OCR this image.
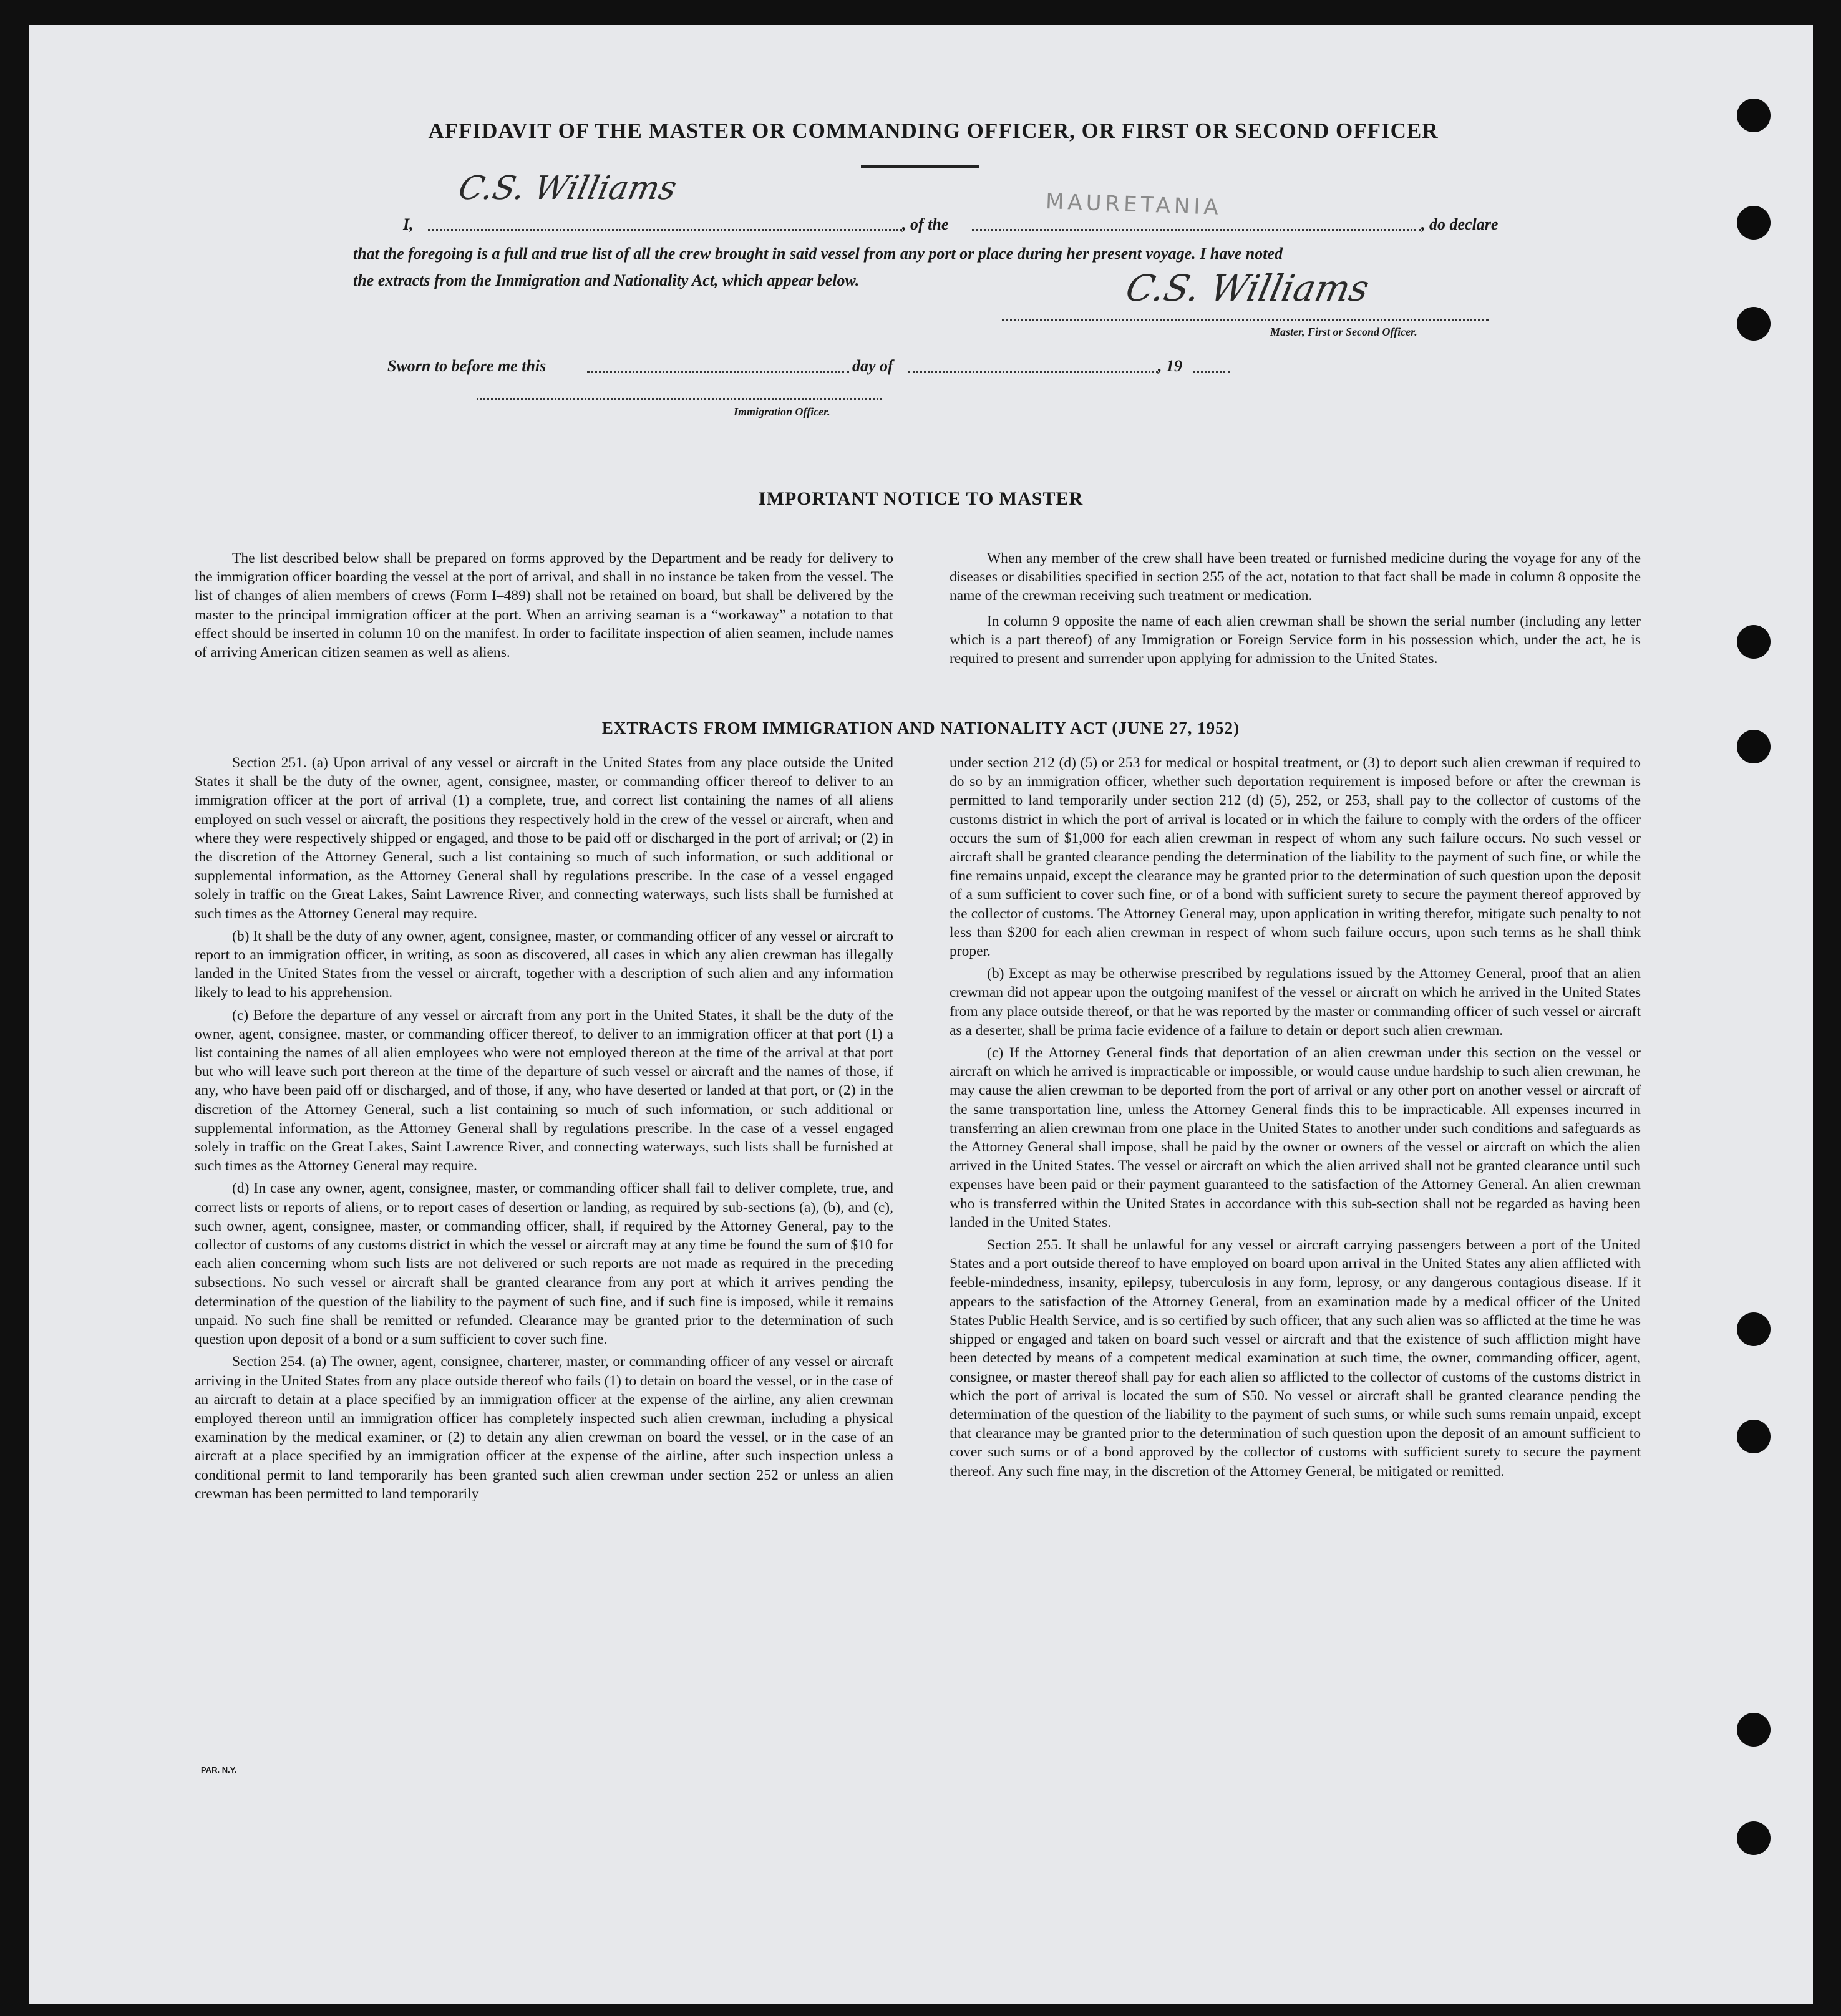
AFFIDAVIT OF THE MASTER OR COMMANDING OFFICER, OR FIRST OR SECOND OFFICER
C.S. Williams
I,	, of the
MAURETANIA
, do declare
that the foregoing is a full and true list of all the crew brought in said vessel from any port or place during her present voyage. I have noted
the extracts from the Immigration and Nationality Act, which appear below.	C.S. Williams
Master, First or Second Officer.
Sworn to before me this	day of	, 19
Immigration Officer.
IMPORTANT NOTICE TO MASTER

The list described below shall be prepared on forms approved by the Department and be ready for delivery to the immigration officer boarding the vessel at the port of arrival, and shall in no instance be taken from the vessel. The list of changes of alien members of crews (Form I–489) shall not be retained on board, but shall be delivered by the master to the principal immigration officer at the port. When an arriving seaman is a “workaway” a notation to that effect should be inserted in column 10 on the manifest. In order to facilitate inspection of alien seamen, include names of arriving American citizen seamen as well as aliens.

When any member of the crew shall have been treated or furnished medicine during the voyage for any of the diseases or disabilities specified in section 255 of the act, notation to that fact shall be made in column 8 opposite the name of the crewman receiving such treatment or medication.

In column 9 opposite the name of each alien crewman shall be shown the serial number (including any letter which is a part thereof) of any Immigration or Foreign Service form in his possession which, under the act, he is required to present and surrender upon applying for admission to the United States.

EXTRACTS FROM IMMIGRATION AND NATIONALITY ACT (JUNE 27, 1952)

Section 251. (a) Upon arrival of any vessel or aircraft in the United States from any place outside the United States it shall be the duty of the owner, agent, consignee, master, or commanding officer thereof to deliver to an immigration officer at the port of arrival (1) a complete, true, and correct list containing the names of all aliens employed on such vessel or aircraft, the positions they respectively hold in the crew of the vessel or aircraft, when and where they were respectively shipped or engaged, and those to be paid off or discharged in the port of arrival; or (2) in the discretion of the Attorney General, such a list containing so much of such information, or such additional or supplemental information, as the Attorney General shall by regulations prescribe. In the case of a vessel engaged solely in traffic on the Great Lakes, Saint Lawrence River, and connecting waterways, such lists shall be furnished at such times as the Attorney General may require.

(b) It shall be the duty of any owner, agent, consignee, master, or commanding officer of any vessel or aircraft to report to an immigration officer, in writing, as soon as discovered, all cases in which any alien crewman has illegally landed in the United States from the vessel or aircraft, together with a description of such alien and any information likely to lead to his apprehension.

(c) Before the departure of any vessel or aircraft from any port in the United States, it shall be the duty of the owner, agent, consignee, master, or commanding officer thereof, to deliver to an immigration officer at that port (1) a list containing the names of all alien employees who were not employed thereon at the time of the arrival at that port but who will leave such port thereon at the time of the departure of such vessel or aircraft and the names of those, if any, who have been paid off or discharged, and of those, if any, who have deserted or landed at that port, or (2) in the discretion of the Attorney General, such a list containing so much of such information, or such additional or supplemental information, as the Attorney General shall by regulations prescribe. In the case of a vessel engaged solely in traffic on the Great Lakes, Saint Lawrence River, and connecting waterways, such lists shall be furnished at such times as the Attorney General may require.

(d) In case any owner, agent, consignee, master, or commanding officer shall fail to deliver complete, true, and correct lists or reports of aliens, or to report cases of desertion or landing, as required by sub-sections (a), (b), and (c), such owner, agent, consignee, master, or commanding officer, shall, if required by the Attorney General, pay to the collector of customs of any customs district in which the vessel or aircraft may at any time be found the sum of $10 for each alien concerning whom such lists are not delivered or such reports are not made as required in the preceding subsections. No such vessel or aircraft shall be granted clearance from any port at which it arrives pending the determination of the question of the liability to the payment of such fine, and if such fine is imposed, while it remains unpaid. No such fine shall be remitted or refunded. Clearance may be granted prior to the determination of such question upon deposit of a bond or a sum sufficient to cover such fine.

Section 254. (a) The owner, agent, consignee, charterer, master, or commanding officer of any vessel or aircraft arriving in the United States from any place outside thereof who fails (1) to detain on board the vessel, or in the case of an aircraft to detain at a place specified by an immigration officer at the expense of the airline, any alien crewman employed thereon until an immigration officer has completely inspected such alien crewman, including a physical examination by the medical examiner, or (2) to detain any alien crewman on board the vessel, or in the case of an aircraft at a place specified by an immigration officer at the expense of the airline, after such inspection unless a conditional permit to land temporarily has been granted such alien crewman under section 252 or unless an alien crewman has been permitted to land temporarily

under section 212 (d) (5) or 253 for medical or hospital treatment, or (3) to deport such alien crewman if required to do so by an immigration officer, whether such deportation requirement is imposed before or after the crewman is permitted to land temporarily under section 212 (d) (5), 252, or 253, shall pay to the collector of customs of the customs district in which the port of arrival is located or in which the failure to comply with the orders of the officer occurs the sum of $1,000 for each alien crewman in respect of whom any such failure occurs. No such vessel or aircraft shall be granted clearance pending the determination of the liability to the payment of such fine, or while the fine remains unpaid, except the clearance may be granted prior to the determination of such question upon the deposit of a sum sufficient to cover such fine, or of a bond with sufficient surety to secure the payment thereof approved by the collector of customs. The Attorney General may, upon application in writing therefor, mitigate such penalty to not less than $200 for each alien crewman in respect of whom such failure occurs, upon such terms as he shall think proper.

(b) Except as may be otherwise prescribed by regulations issued by the Attorney General, proof that an alien crewman did not appear upon the outgoing manifest of the vessel or aircraft on which he arrived in the United States from any place outside thereof, or that he was reported by the master or commanding officer of such vessel or aircraft as a deserter, shall be prima facie evidence of a failure to detain or deport such alien crewman.

(c) If the Attorney General finds that deportation of an alien crewman under this section on the vessel or aircraft on which he arrived is impracticable or impossible, or would cause undue hardship to such alien crewman, he may cause the alien crewman to be deported from the port of arrival or any other port on another vessel or aircraft of the same transportation line, unless the Attorney General finds this to be impracticable. All expenses incurred in transferring an alien crewman from one place in the United States to another under such conditions and safeguards as the Attorney General shall impose, shall be paid by the owner or owners of the vessel or aircraft on which the alien arrived in the United States. The vessel or aircraft on which the alien arrived shall not be granted clearance until such expenses have been paid or their payment guaranteed to the satisfaction of the Attorney General. An alien crewman who is transferred within the United States in accordance with this sub-section shall not be regarded as having been landed in the United States.

Section 255. It shall be unlawful for any vessel or aircraft carrying passengers between a port of the United States and a port outside thereof to have employed on board upon arrival in the United States any alien afflicted with feeble-mindedness, insanity, epilepsy, tuberculosis in any form, leprosy, or any dangerous contagious disease. If it appears to the satisfaction of the Attorney General, from an examination made by a medical officer of the United States Public Health Service, and is so certified by such officer, that any such alien was so afflicted at the time he was shipped or engaged and taken on board such vessel or aircraft and that the existence of such affliction might have been detected by means of a competent medical examination at such time, the owner, commanding officer, agent, consignee, or master thereof shall pay for each alien so afflicted to the collector of customs of the customs district in which the port of arrival is located the sum of $50. No vessel or aircraft shall be granted clearance pending the determination of the question of the liability to the payment of such sums, or while such sums remain unpaid, except that clearance may be granted prior to the determination of such question upon the deposit of an amount sufficient to cover such sums or of a bond approved by the collector of customs with sufficient surety to secure the payment thereof. Any such fine may, in the discretion of the Attorney General, be mitigated or remitted.

PAR. N.Y.
